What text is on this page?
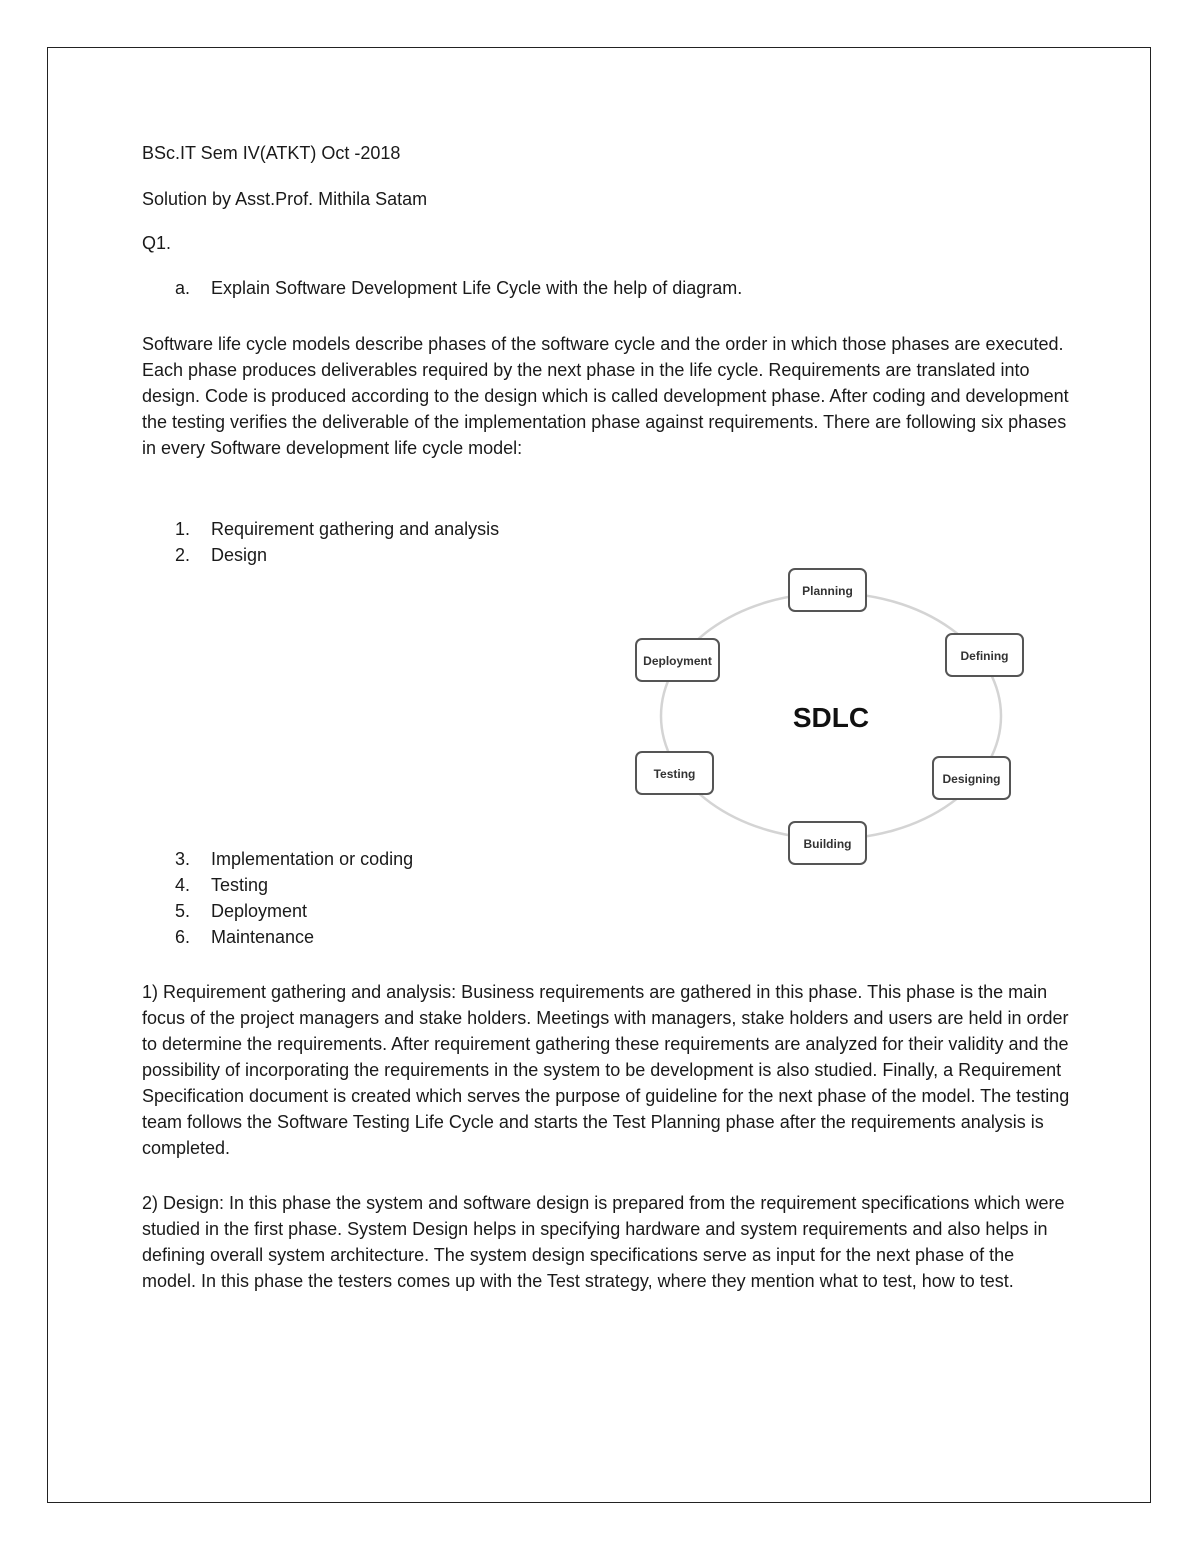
BSc.IT Sem IV(ATKT) Oct -2018
Solution by Asst.Prof. Mithila Satam
Q1.
a. Explain Software Development Life Cycle with the help of diagram.

Software life cycle models describe phases of the software cycle and the order in which those phases are executed. Each phase produces deliverables required by the next phase in the life cycle. Requirements are translated into design. Code is produced according to the design which is called development phase. After coding and development the testing verifies the deliverable of the implementation phase against requirements. There are following six phases in every Software development life cycle model:

1. Requirement gathering and analysis
2. Design
3. Implementation or coding
4. Testing
5. Deployment
6. Maintenance

1) Requirement gathering and analysis: Business requirements are gathered in this phase. This phase is the main focus of the project managers and stake holders. Meetings with managers, stake holders and users are held in order to determine the requirements. After requirement gathering these requirements are analyzed for their validity and the possibility of incorporating the requirements in the system to be development is also studied. Finally, a Requirement Specification document is created which serves the purpose of guideline for the next phase of the model. The testing team follows the Software Testing Life Cycle and starts the Test Planning phase after the requirements analysis is completed.

2) Design: In this phase the system and software design is prepared from the requirement specifications which were studied in the first phase. System Design helps in specifying hardware and system requirements and also helps in defining overall system architecture. The system design specifications serve as input for the next phase of the model. In this phase the testers comes up with the Test strategy, where they mention what to test, how to test.

SDLC
Planning
Defining
Designing
Building
Testing
Deployment
